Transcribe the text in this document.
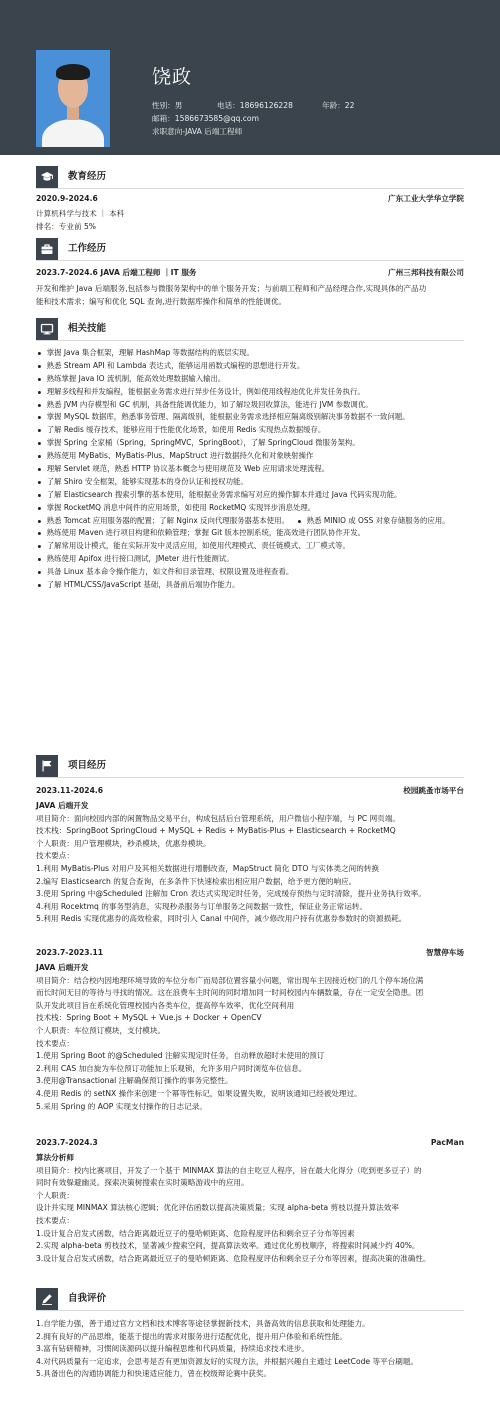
饶政
性别：男	电话：18696126228	年龄：22
邮箱：1586673585@qq.com
求职意向-JAVA 后端工程师
教育经历
2020.9-2024.6	广东工业大学华立学院
计算机科学与技术 ｜ 本科
排名：专业前 5%
工作经历
2023.7-2024.6 JAVA 后端工程师 ｜IT 服务	广州三邦科技有限公司
开发和维护 Java 后端服务,包括参与微服务架构中的单个服务开发；与前端工程师和产品经理合作,实现具体的产品功
能和技术需求；编写和优化 SQL 查询,进行数据库操作和简单的性能调优。
相关技能
掌握 Java 集合框架，理解 HashMap 等数据结构的底层实现。熟悉 Stream API 和 Lambda 表达式，能够运用函数式编程的思想进行开发。熟练掌握 Java IO 流机制，能高效处理数据输入输出。理解多线程和并发编程，能根据业务需求进行异步任务设计，例如使用线程池优化并发任务执行。熟悉 JVM 内存模型和 GC 机制，具备性能调优能力，如了解垃圾回收算法，能进行 JVM 参数调优。掌握 MySQL 数据库，熟悉事务管理、隔离级别，能根据业务需求选择相应隔离级别解决事务数据不一致问题。了解 Redis 缓存技术，能够应用于性能优化场景，如使用 Redis 实现热点数据缓存。掌握 Spring 全家桶（Spring，SpringMVC，SpringBoot），了解 SpringCloud 微服务架构。熟练使用 MyBatis、MyBatis-Plus、MapStruct 进行数据持久化和对象映射操作理解 Servlet 规范，熟悉 HTTP 协议基本概念与使用规范及 Web 应用请求处理流程。了解 Shiro 安全框架，能够实现基本的身份认证和授权功能。了解 Elasticsearch 搜索引擎的基本使用，能根据业务需求编写对应的操作脚本并通过 Java 代码实现功能。掌握 RocketMQ 消息中间件的应用场景，如使用 RocketMQ 实现异步消息处理。熟悉 Tomcat 应用服务器的配置；了解 Nginx 反向代理服务器基本使用。 熟悉 MINIO 或 OSS 对象存储服务的应用。熟练使用 Maven 进行项目构建和依赖管理；掌握 Git 版本控制系统，能高效进行团队协作开发。了解常用设计模式，能在实际开发中灵活应用，如使用代理模式、责任链模式、工厂模式等。熟练使用 Apifox 进行接口测试，JMeter 进行性能测试。具备 Linux 基本命令操作能力，如文件和目录管理、权限设置及进程查看。了解 HTML/CSS/JavaScript 基础，具备前后端协作能力。
项目经历
2023.11-2024.6	校园跳蚤市场平台
JAVA 后端开发
项目简介：面向校园内部的闲置物品交易平台，构成包括后台管理系统，用户微信小程序端，与 PC 网页端。
技术栈：SpringBoot SpringCloud + MySQL + Redis + MyBatis-Plus + Elasticsearch + RocketMQ
个人职责：用户管理模块，秒杀模块，优惠券模块。
技术要点：
1.利用 MyBatis-Plus 对用户及其相关数据进行增删改查，MapStruct 简化 DTO 与实体类之间的转换
2.编写 Elasticsearch 的复合查询，在多条件下快速检索出相应用户数据，给予更方便的响应。
3.使用 Spring 中@Scheduled 注解加 Cron 表达式实现定时任务，完成缓存预热与定时清除，提升业务执行效率。
4.利用 Rocektmq 的事务型消息，实现秒杀服务与订单服务之间数据一致性，保证业务正常运转。
5.利用 Redis 实现优惠券的高效检索，同时引入 Canal 中间件，减少修改用户持有优惠券参数时的资源损耗。
2023.7-2023.11	智慧停车场
JAVA 后端开发
项目简介：结合校内因地理环境导致的车位分布广而局部位置容量小问题，常出现车主因接近校门的几个停车场位满
而长时间无目的等待与寻找的情况。这在浪费车主时间的同时增加同一时间校园内车辆数量，存在一定安全隐患。团
队开发此项目旨在系统化管理校园内各类车位，提高停车效率，优化空间利用
技术栈：Spring Boot + MySQL + Vue.js + Docker + OpenCV
个人职责：车位预订模块，支付模块。
技术要点：
1.使用 Spring Boot 的@Scheduled 注解实现定时任务，自动释放超时未使用的预订
2.利用 CAS 加自旋为车位预订功能加上乐观锁，允许多用户同时浏览车位信息。
3.使用@Transactional 注解确保预订操作的事务完整性。
4.使用 Redis 的 setNX 操作来创建一个幂等性标记，如果设置失败，说明该通知已经被处理过。
5.采用 Spring 的 AOP 实现支付操作的日志记录。
2023.7-2024.3	PacMan
算法分析师
项目简介：校内比赛项目，开发了一个基于 MINMAX 算法的自主吃豆人程序，旨在最大化得分（吃到更多豆子）的
同时有效躲避幽灵。探索决策树搜索在实时策略游戏中的应用。
个人职责：
设计并实现 MINMAX 算法核心逻辑；优化评估函数以提高决策质量；实现 alpha-beta 剪枝以提升算法效率
技术要点：
1.设计复合启发式函数，结合距离最近豆子的曼哈顿距离、危险程度评估和剩余豆子分布等因素
2.实现 alpha-beta 剪枝技术，显著减少搜索空间，提高算法效率。通过优化剪枝顺序，将搜索时间减少约 40%。
3.设计复合启发式函数，结合距离最近豆子的曼哈顿距离、危险程度评估和剩余豆子分布等因素，提高决策的准确性。
自我评价
1.自学能力强，善于通过官方文档和技术博客等途径掌握新技术，具备高效的信息获取和处理能力。
2.拥有良好的产品思维，能基于提出的需求对服务进行适配优化，提升用户体验和系统性能。
3.富有钻研精神，习惯阅读源码以提升编程思维和代码质量，持续追求技术进步。
4.对代码质量有一定追求，会思考是否有更加资源友好的实现方法，并根据兴趣自主通过 LeetCode 等平台刷题。
5.具备出色的沟通协调能力和快速适应能力，曾在校级辩论赛中获奖。
